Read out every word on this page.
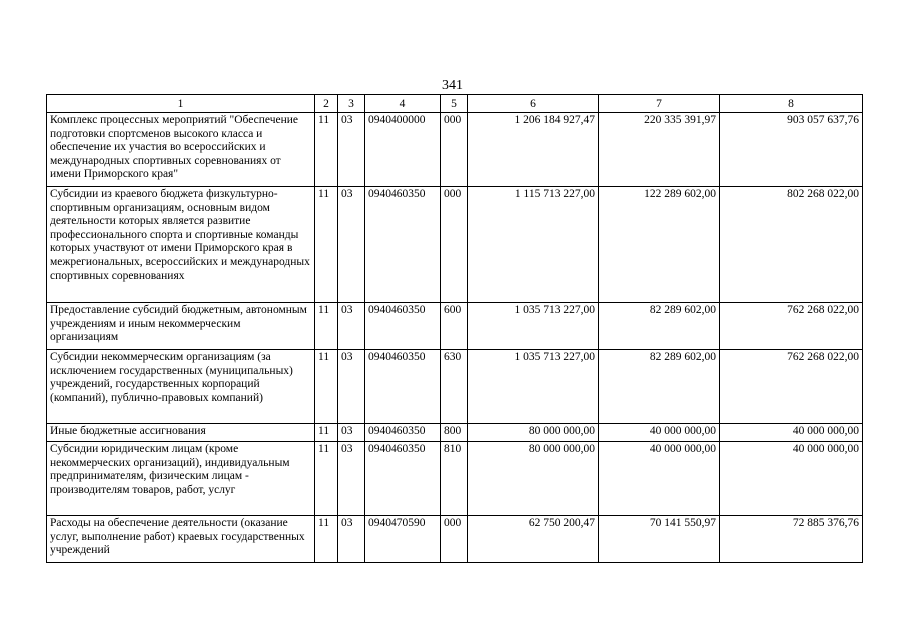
341
1	2	3	4	5	6	7	8
Комплекс процессных мероприятий "Обеспечение подготовки спортсменов высокого класса и обеспечение их участия во всероссийских и международных спортивных соревнованиях от имени Приморского края"	11	03	0940400000	000	1 206 184 927,47	220 335 391,97	903 057 637,76
Субсидии из краевого бюджета физкультурно-спортивным организациям, основным видом деятельности которых является развитие профессионального спорта и спортивные команды которых участвуют от имени Приморского края в межрегиональных, всероссийских и международных спортивных соревнованиях	11	03	0940460350	000	1 115 713 227,00	122 289 602,00	802 268 022,00
Предоставление субсидий бюджетным, автономным учреждениям и иным некоммерческим организациям	11	03	0940460350	600	1 035 713 227,00	82 289 602,00	762 268 022,00
Субсидии некоммерческим организациям (за исключением государственных (муниципальных) учреждений, государственных корпораций (компаний), публично-правовых компаний)	11	03	0940460350	630	1 035 713 227,00	82 289 602,00	762 268 022,00
Иные бюджетные ассигнования	11	03	0940460350	800	80 000 000,00	40 000 000,00	40 000 000,00
Субсидии юридическим лицам (кроме некоммерческих организаций), индивидуальным предпринимателям, физическим лицам - производителям товаров, работ, услуг	11	03	0940460350	810	80 000 000,00	40 000 000,00	40 000 000,00
Расходы на обеспечение деятельности (оказание услуг, выполнение работ) краевых государственных учреждений	11	03	0940470590	000	62 750 200,47	70 141 550,97	72 885 376,76
